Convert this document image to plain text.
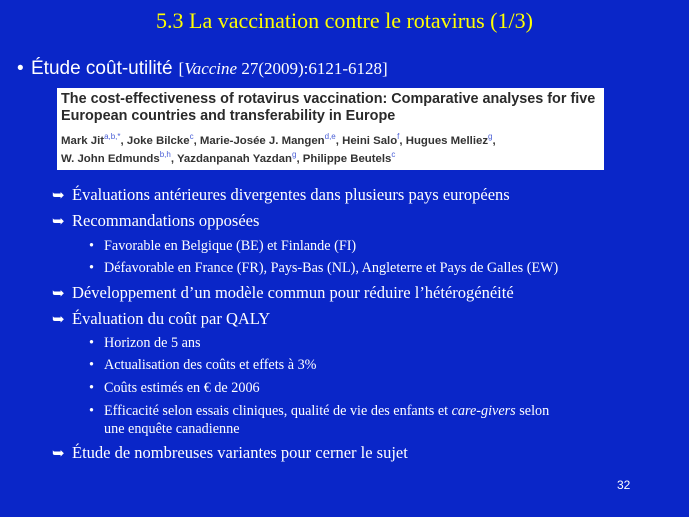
5.3 La vaccination contre le rotavirus (1/3)
• Étude coût-utilité [Vaccine 27(2009):6121-6128]
The cost-effectiveness of rotavirus vaccination: Comparative analyses for five European countries and transferability in Europe
Mark Jit$^{a,b,*}$, Joke Bilcke$^c$, Marie-Josée J. Mangen$^{d,e}$, Heini Salo$^f$, Hugues Melliez$^g$,
W. John Edmunds$^{b,h}$, Yazdanpanah Yazdan$^g$, Philippe Beutels$^c$
➥ Évaluations antérieures divergentes dans plusieurs pays européens
➥ Recommandations opposées
• Favorable en Belgique (BE) et Finlande (FI)
• Défavorable en France (FR), Pays-Bas (NL), Angleterre et Pays de Galles (EW)
➥ Développement d’un modèle commun pour réduire l’hétérogénéité
➥ Évaluation du coût par QALY
• Horizon de 5 ans
• Actualisation des coûts et effets à 3%
• Coûts estimés en € de 2006
• Efficacité selon essais cliniques, qualité de vie des enfants et care-givers selon
une enquête canadienne
➥ Étude de nombreuses variantes pour cerner le sujet
32
